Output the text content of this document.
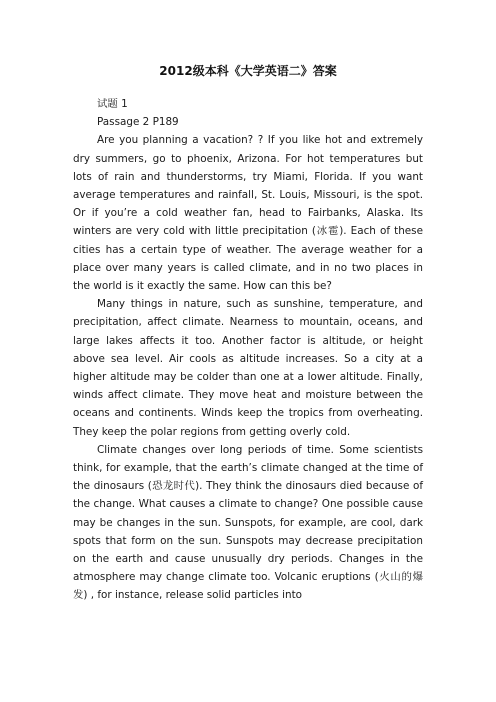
2012级本科《大学英语二》答案

试题 1

Passage 2 P189

Are you planning a vacation? ? If you like hot and extremely dry summers, go to phoenix, Arizona. For hot temperatures but lots of rain and thunderstorms, try Miami, Florida. If you want average temperatures and rainfall, St. Louis, Missouri, is the spot. Or if you’re a cold weather fan, head to Fairbanks, Alaska. Its winters are very cold with little precipitation (冰雹). Each of these cities has a certain type of weather. The average weather for a place over many years is called climate, and in no two places in the world is it exactly the same. How can this be?

Many things in nature, such as sunshine, temperature, and precipitation, affect climate. Nearness to mountain, oceans, and large lakes affects it too. Another factor is altitude, or height above sea level. Air cools as altitude increases. So a city at a higher altitude may be colder than one at a lower altitude. Finally, winds affect climate. They move heat and moisture between the oceans and continents. Winds keep the tropics from overheating. They keep the polar regions from getting overly cold.

Climate changes over long periods of time. Some scientists think, for example, that the earth’s climate changed at the time of the dinosaurs (恐龙时代). They think the dinosaurs died because of the change. What causes a climate to change? One possible cause may be changes in the sun. Sunspots, for example, are cool, dark spots that form on the sun. Sunspots may decrease precipitation on the earth and cause unusually dry periods. Changes in the atmosphere may change climate too. Volcanic eruptions (火山的爆发) , for instance, release solid particles into
